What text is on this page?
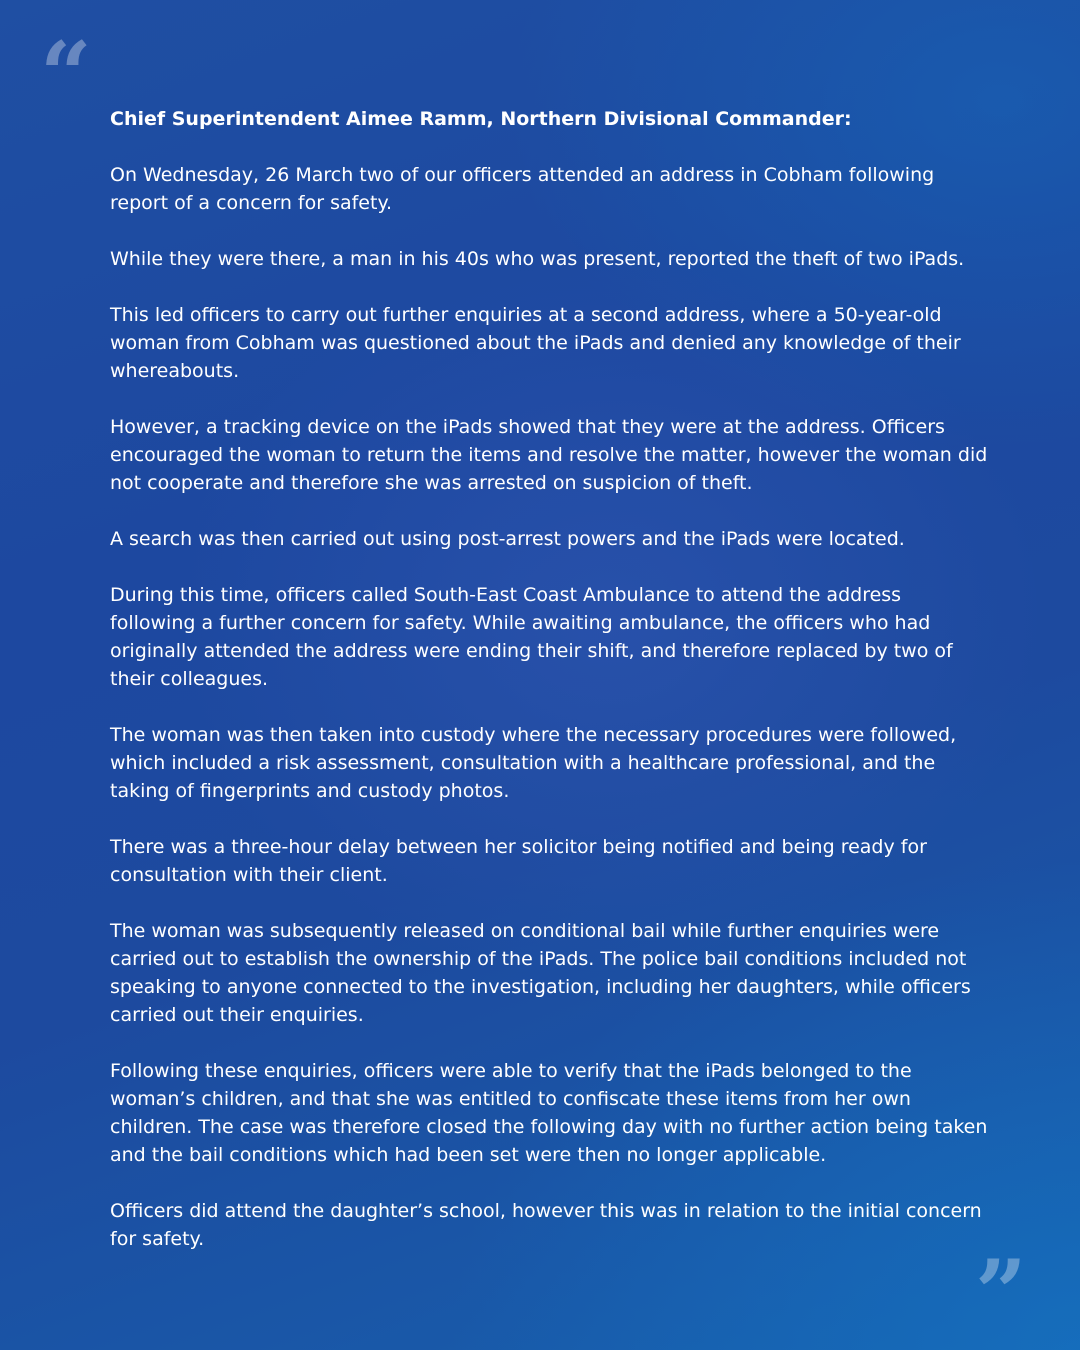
“ Chief Superintendent Aimee Ramm, Northern Divisional Commander:

On Wednesday, 26 March two of our officers attended an address in Cobham following report of a concern for safety.

While they were there, a man in his 40s who was present, reported the theft of two iPads.

This led officers to carry out further enquiries at a second address, where a 50-year-old woman from Cobham was questioned about the iPads and denied any knowledge of their whereabouts.

However, a tracking device on the iPads showed that they were at the address. Officers encouraged the woman to return the items and resolve the matter, however the woman did not cooperate and therefore she was arrested on suspicion of theft.

A search was then carried out using post-arrest powers and the iPads were located.

During this time, officers called South-East Coast Ambulance to attend the address following a further concern for safety. While awaiting ambulance, the officers who had originally attended the address were ending their shift, and therefore replaced by two of their colleagues.

The woman was then taken into custody where the necessary procedures were followed, which included a risk assessment, consultation with a healthcare professional, and the taking of fingerprints and custody photos.

There was a three-hour delay between her solicitor being notified and being ready for consultation with their client.

The woman was subsequently released on conditional bail while further enquiries were carried out to establish the ownership of the iPads. The police bail conditions included not speaking to anyone connected to the investigation, including her daughters, while officers carried out their enquiries.

Following these enquiries, officers were able to verify that the iPads belonged to the woman’s children, and that she was entitled to confiscate these items from her own children. The case was therefore closed the following day with no further action being taken and the bail conditions which had been set were then no longer applicable.

Officers did attend the daughter’s school, however this was in relation to the initial concern for safety.

”
